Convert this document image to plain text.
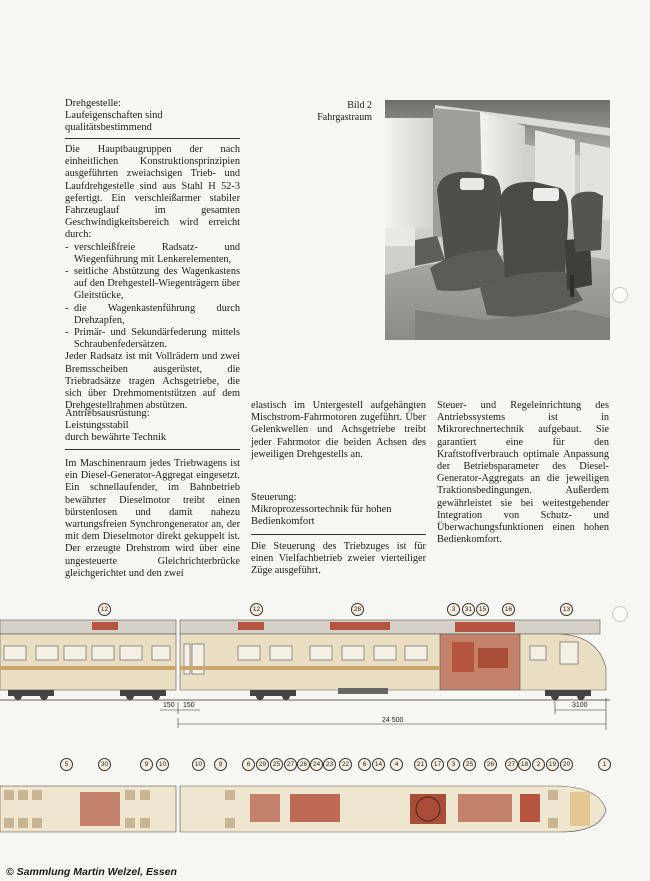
Drehgestelle:
Laufeigenschaften sind
qualitätsbestimmend

Die Hauptbaugruppen der nach einheitlichen Konstruktionsprinzipien ausgeführten zweiachsigen Trieb- und Laufdrehgestelle sind aus Stahl H 52-3 gefertigt. Ein verschleißarmer stabiler Fahrzeuglauf im gesamten Geschwindigkeitsbereich wird erreicht durch:

- verschleißfreie Radsatz- und Wiegenführung mit Lenkerelementen,
- seitliche Abstützung des Wagenkastens auf den Drehgestell-Wiegenträgern über Gleitstücke,
- die Wagenkastenführung durch Drehzapfen,
- Primär- und Sekundärfederung mittels Schraubenfedersätzen.

Jeder Radsatz ist mit Vollrädern und zwei Bremsscheiben ausgerüstet, die Triebradsätze tragen Achsgetriebe, die sich über Drehmomentstützen auf dem Drehgestellrahmen abstützen.

Bild 2
Fahrgastraum
Antriebsausrüstung:
Leistungsstabil
durch bewährte Technik

Im Maschinenraum jedes Triebwagens ist ein Diesel-Generator-Aggregat eingesetzt. Ein schnellaufender, im Bahnbetrieb bewährter Dieselmotor treibt einen bürstenlosen und damit nahezu wartungsfreien Synchrongenerator an, der mit dem Dieselmotor direkt gekuppelt ist. Der erzeugte Drehstrom wird über eine ungesteuerte Gleichrichterbrücke gleichgerichtet und den zwei

elastisch im Untergestell aufgehängten Mischstrom-Fahrmotoren zugeführt. Über Gelenkwellen und Achsgetriebe treibt jeder Fahrmotor die beiden Achsen des jeweiligen Drehgestells an.

Steuerung:
Mikroprozessortechnik für hohen
Bedienkomfort

Die Steuerung des Triebzuges ist für einen Vielfachbetrieb zweier vierteiliger Züge ausgeführt.

Steuer- und Regeleinrichtung des Antriebssystems ist in Mikrorechnertechnik aufgebaut. Sie garantiert eine für den Kraftstoffverbrauch optimale Anpassung der Betriebsparameter des Diesel-Generator-Aggregats an die jeweiligen Traktionsbedingungen. Außerdem gewährleistet sie bei weitestgehender Integration von Schutz- und Überwachungsfunktionen einen hohen Bedienkomfort.

150 150
24 500
3100
12	12	28	3	31	15	16	13
5	30	9	10	10	9	6	29	25	27 26 24 23	22	6	14	4	21	17	3	25	26	27 18	2	19	20	1
© Sammlung Martin Welzel, Essen
